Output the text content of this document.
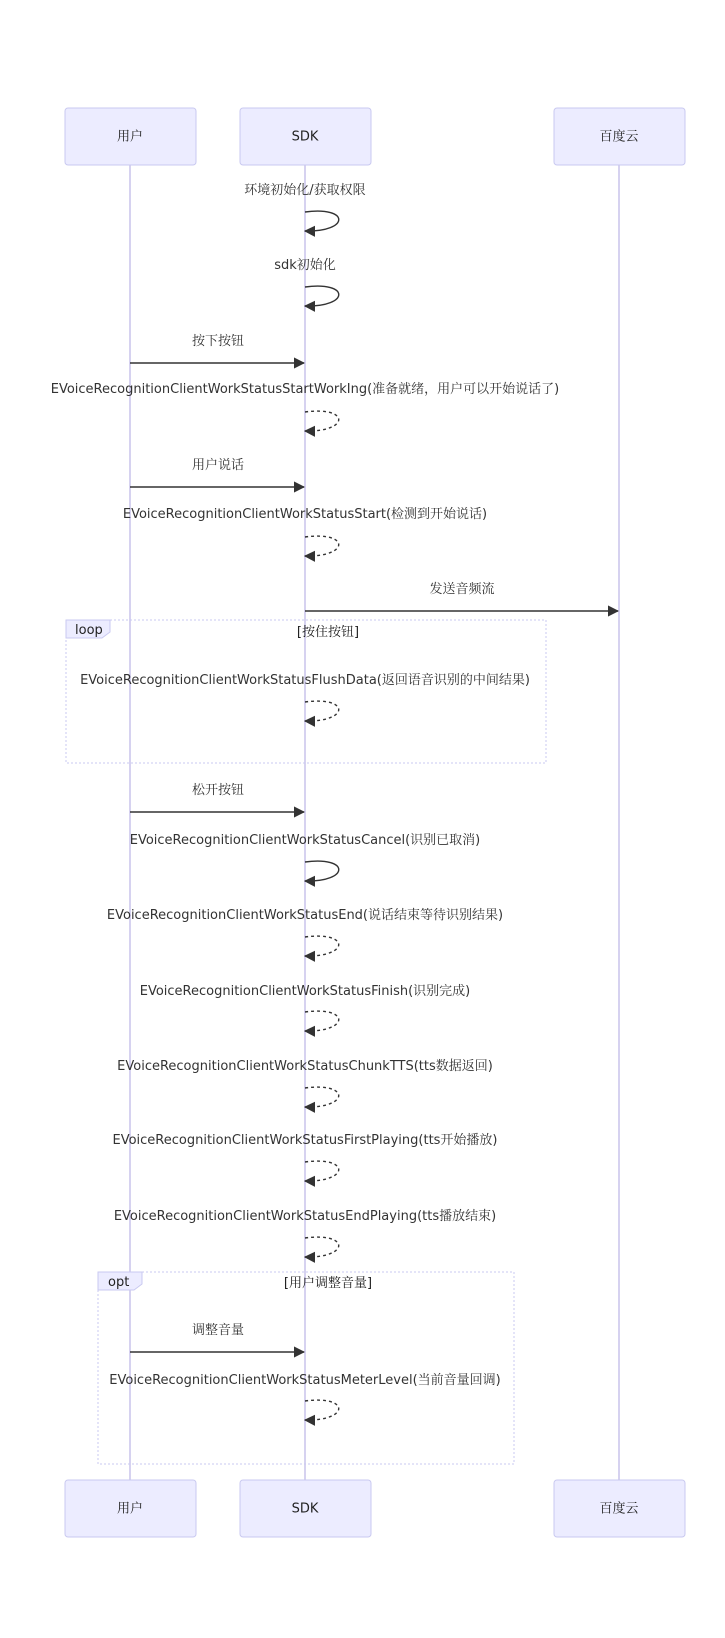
loop	[按住按钮]
opt	[用户调整音量]
用户	SDK	百度云
用户	SDK	百度云
环境初始化/获取权限
sdk初始化
按下按钮
EVoiceRecognitionClientWorkStatusStartWorkIng(准备就绪，用户可以开始说话了)
用户说话
EVoiceRecognitionClientWorkStatusStart(检测到开始说话)
发送音频流
EVoiceRecognitionClientWorkStatusFlushData(返回语音识别的中间结果)
松开按钮
EVoiceRecognitionClientWorkStatusCancel(识别已取消)
EVoiceRecognitionClientWorkStatusEnd(说话结束等待识别结果)
EVoiceRecognitionClientWorkStatusFinish(识别完成)
EVoiceRecognitionClientWorkStatusChunkTTS(tts数据返回)
EVoiceRecognitionClientWorkStatusFirstPlaying(tts开始播放)
EVoiceRecognitionClientWorkStatusEndPlaying(tts播放结束)
调整音量
EVoiceRecognitionClientWorkStatusMeterLevel(当前音量回调)
